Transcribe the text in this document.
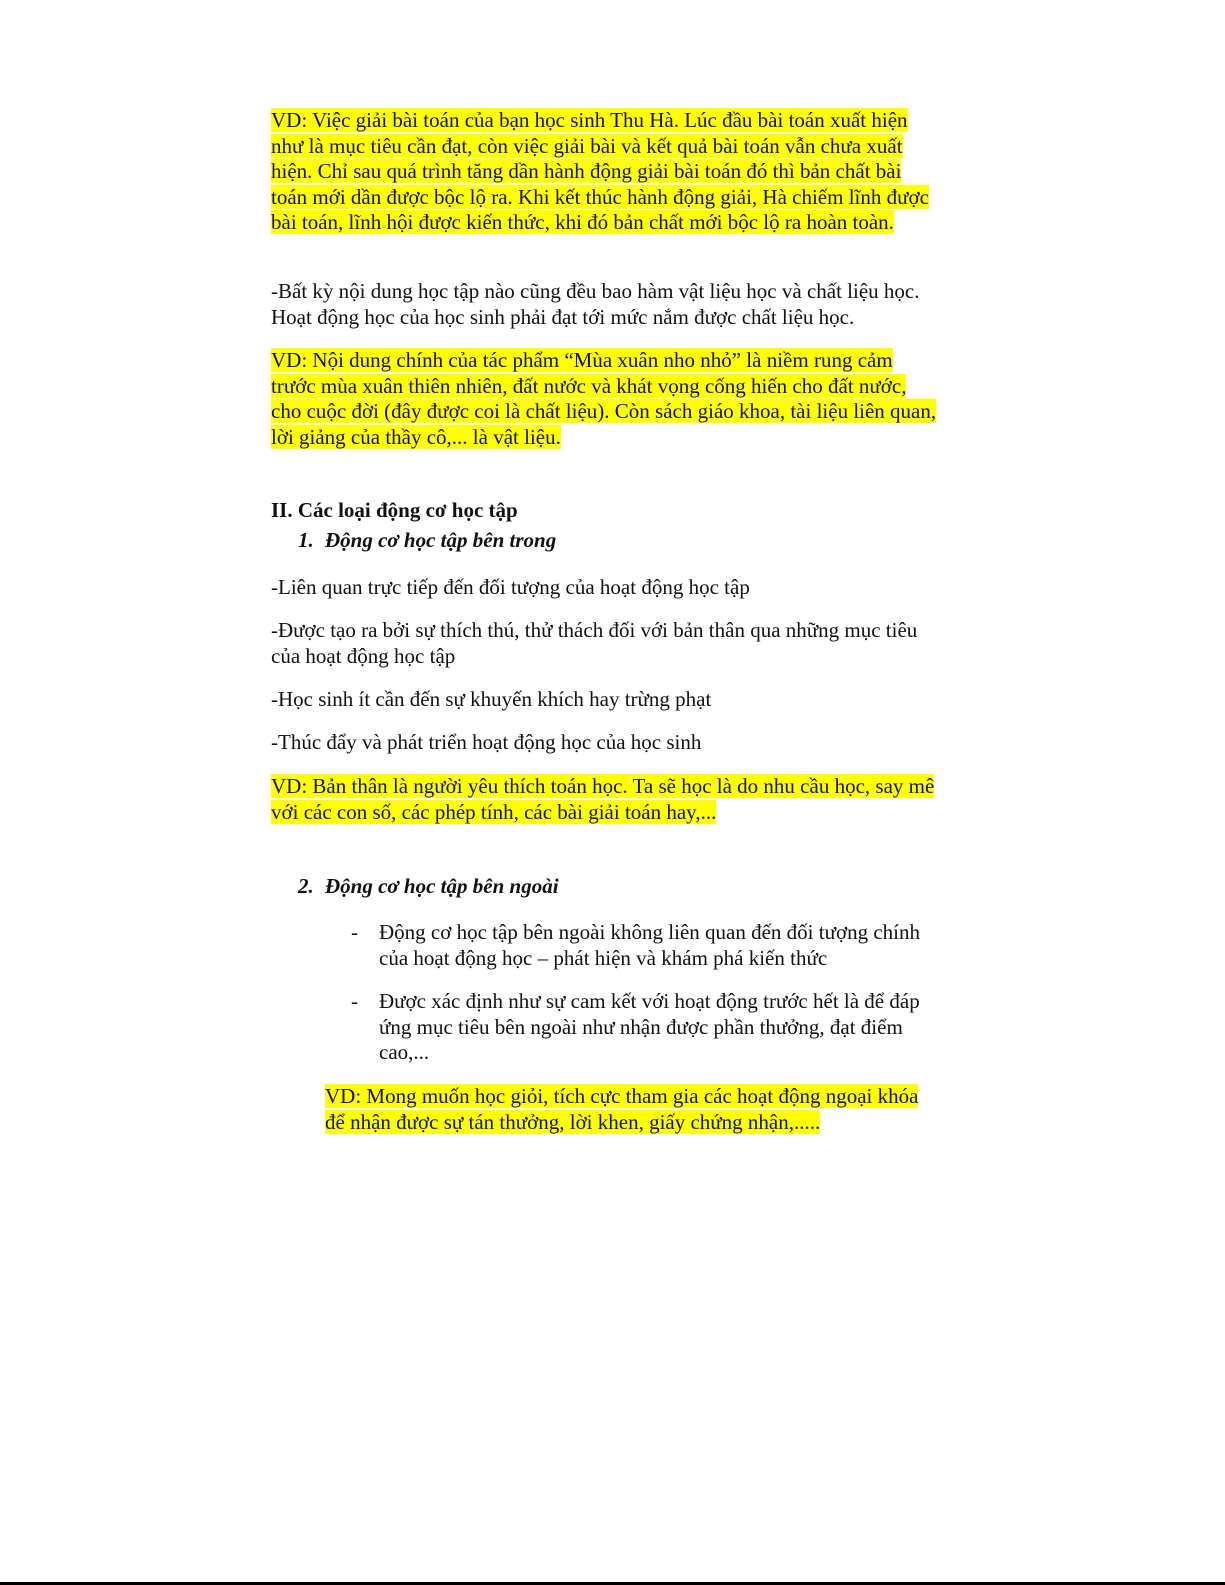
VD: Việc giải bài toán của bạn học sinh Thu Hà. Lúc đầu bài toán xuất hiện như là mục tiêu cần đạt, còn việc giải bài và kết quả bài toán vẫn chưa xuất hiện. Chỉ sau quá trình tăng dần hành động giải bài toán đó thì bản chất bài toán mới dần được bộc lộ ra. Khi kết thúc hành động giải, Hà chiếm lĩnh được bài toán, lĩnh hội được kiến thức, khi đó bản chất mới bộc lộ ra hoàn toàn.

-Bất kỳ nội dung học tập nào cũng đều bao hàm vật liệu học và chất liệu học. Hoạt động học của học sinh phải đạt tới mức nắm được chất liệu học.

VD: Nội dung chính của tác phẩm “Mùa xuân nho nhỏ” là niềm rung cảm trước mùa xuân thiên nhiên, đất nước và khát vọng cống hiến cho đất nước, cho cuộc đời (đây được coi là chất liệu). Còn sách giáo khoa, tài liệu liên quan, lời giảng của thầy cô,... là vật liệu.

II. Các loại động cơ học tập
1. Động cơ học tập bên trong

-Liên quan trực tiếp đến đối tượng của hoạt động học tập

-Được tạo ra bởi sự thích thú, thử thách đối với bản thân qua những mục tiêu của hoạt động học tập

-Học sinh ít cần đến sự khuyến khích hay trừng phạt

-Thúc đẩy và phát triển hoạt động học của học sinh

VD: Bản thân là người yêu thích toán học. Ta sẽ học là do nhu cầu học, say mê với các con số, các phép tính, các bài giải toán hay,...

2. Động cơ học tập bên ngoài

- Động cơ học tập bên ngoài không liên quan đến đối tượng chính của hoạt động học – phát hiện và khám phá kiến thức

- Được xác định như sự cam kết với hoạt động trước hết là để đáp ứng mục tiêu bên ngoài như nhận được phần thưởng, đạt điểm cao,...

VD: Mong muốn học giỏi, tích cực tham gia các hoạt động ngoại khóa để nhận được sự tán thưởng, lời khen, giấy chứng nhận,.....
